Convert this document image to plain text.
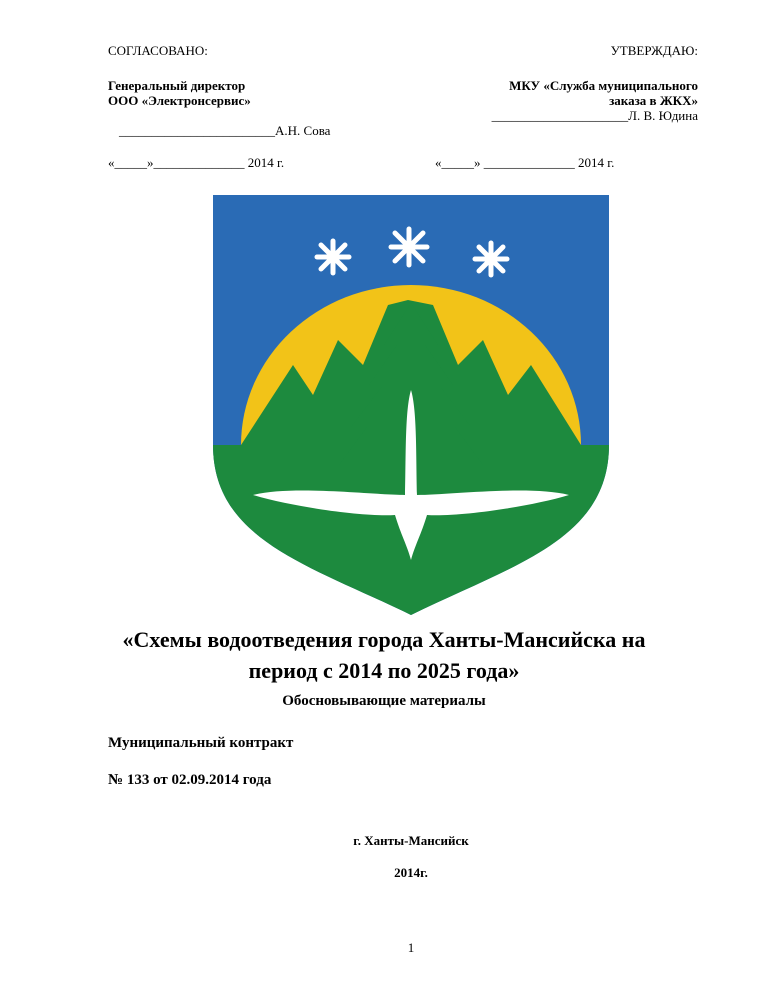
СОГЛАСОВАНО:
Генеральный директор
ООО «Электронсервис»
________________________А.Н. Сова
«_____»______________ 2014 г.
УТВЕРЖДАЮ:
МКУ «Служба муниципального
заказа в ЖКХ»
_____________________Л. В. Юдина
«_____» ______________ 2014 г.
«Схемы водоотведения города Ханты-Мансийска на
период с 2014 по 2025 года»
Обосновывающие материалы
Муниципальный контракт
№ 133 от 02.09.2014 года
г. Ханты-Мансийск
2014г.
1
